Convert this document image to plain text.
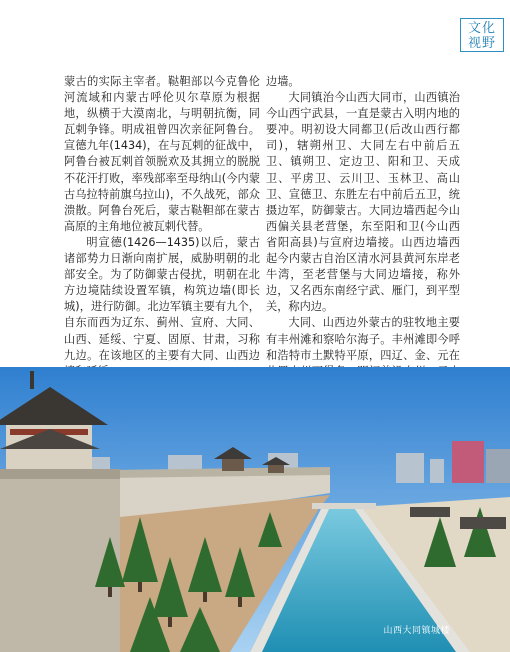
文化
视野

蒙古的实际主宰者。鞑靼部以今克鲁伦河流域和内蒙古呼伦贝尔草原为根据地，纵横于大漠南北，与明朝抗衡，同瓦剌争锋。明成祖曾四次亲征阿鲁台。宣德九年(1434)，在与瓦剌的征战中，阿鲁台被瓦剌首领脱欢及其拥立的脱脱不花汗打败，率残部率至母纳山(今内蒙古乌拉特前旗乌拉山)，不久战死，部众溃散。阿鲁台死后，蒙古鞑靼部在蒙古高原的主角地位被瓦剌代替。

明宣德(1426—1435)以后，蒙古诸部势力日渐向南扩展，威胁明朝的北部安全。为了防御蒙古侵扰，明朝在北方边境陆续设置军镇，构筑边墙(即长城)，进行防御。北边军镇主要有九个，自东而西为辽东、蓟州、宣府、大同、山西、延绥、宁夏、固原、甘肃，习称九边。在该地区的主要有大同、山西边

边墙。

大同镇治今山西大同市，山西镇治今山西宁武县，一直是蒙古入明内地的要冲。明初设大同都卫(后改山西行都司)，辖朔州卫、大同左右中前后五卫、镇朔卫、定边卫、阳和卫、天成卫、平虏卫、云川卫、玉林卫、高山卫、宣德卫、东胜左右中前后五卫，统摄边军，防御蒙古。大同边墙西起今山西偏关县老营堡，东至阳和卫(今山西省阳高县)与宣府边墙接。山西边墙西起今内蒙古自治区清水河县黄河东岸老牛湾，至老营堡与大同边墙接，称外边，又名西东南经宁武、雁门，到平型关，称内边。

大同、山西边外蒙古的驻牧地主要有丰州滩和察哈尔海子。丰州滩即今呼和浩特市土默特平原，四辽、金、元在

山西大同镇城楼
